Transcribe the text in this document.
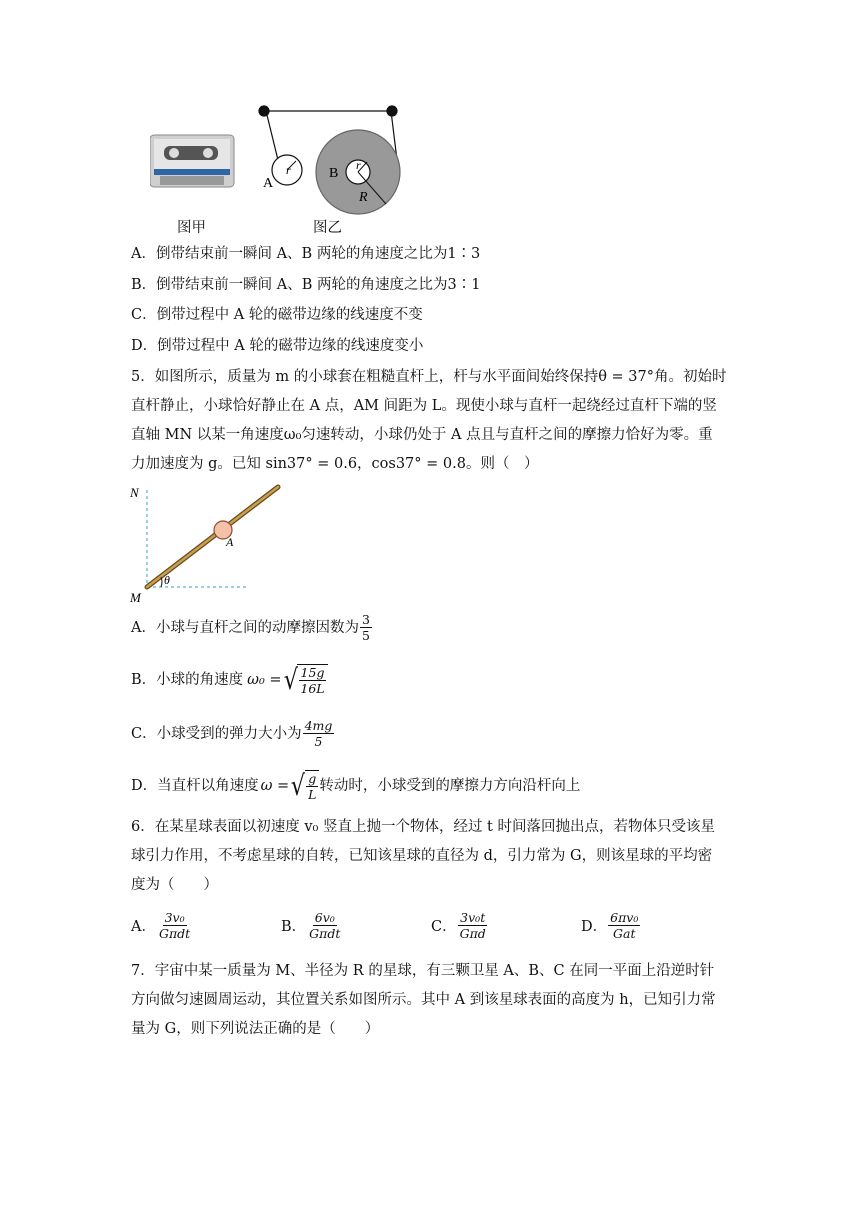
A
B
r	r
R
图甲	图乙
A．倒带结束前一瞬间 A、B 两轮的角速度之比为1∶3
B．倒带结束前一瞬间 A、B 两轮的角速度之比为3∶1
C．倒带过程中 A 轮的磁带边缘的线速度不变
D．倒带过程中 A 轮的磁带边缘的线速度变小
5．如图所示，质量为 m 的小球套在粗糙直杆上，杆与水平面间始终保持θ = 37°角。初始时
直杆静止，小球恰好静止在 A 点，AM 间距为 L。现使小球与直杆一起绕经过直杆下端的竖
直轴 MN 以某一角速度ω₀匀速转动，小球仍处于 A 点且与直杆之间的摩擦力恰好为零。重
力加速度为 g。已知 sin37° = 0.6，cos37° = 0.8。则（　）
N
M
A
θ
A．小球与直杆之间的动摩擦因数为 $\frac{3}{5}$
B．小球的角速度 ω₀ = √ $\frac{15g}{16L}$
C．小球受到的弹力大小为 $\frac{4mg}{5}$
D．当直杆以角速度 ω = √ $\frac{g}{L}$ 转动时，小球受到的摩擦力方向沿杆向上
6．在某星球表面以初速度 v₀ 竖直上抛一个物体，经过 t 时间落回抛出点，若物体只受该星
球引力作用，不考虑星球的自转，已知该星球的直径为 d，引力常为 G，则该星球的平均密
度为（　　）
A． $\frac{\text{3v₀}}{\text{Gπdt}}$	B． $\frac{\text{6v₀}}{\text{Gπdt}}$	C． $\frac{\text{3v₀t}}{\text{Gπd}}$	D． $\frac{\text{6πv₀}}{\text{Gat}}$
7．宇宙中某一质量为 M、半径为 R 的星球，有三颗卫星 A、B、C 在同一平面上沿逆时针
方向做匀速圆周运动，其位置关系如图所示。其中 A 到该星球表面的高度为 h，已知引力常
量为 G，则下列说法正确的是（　　）
